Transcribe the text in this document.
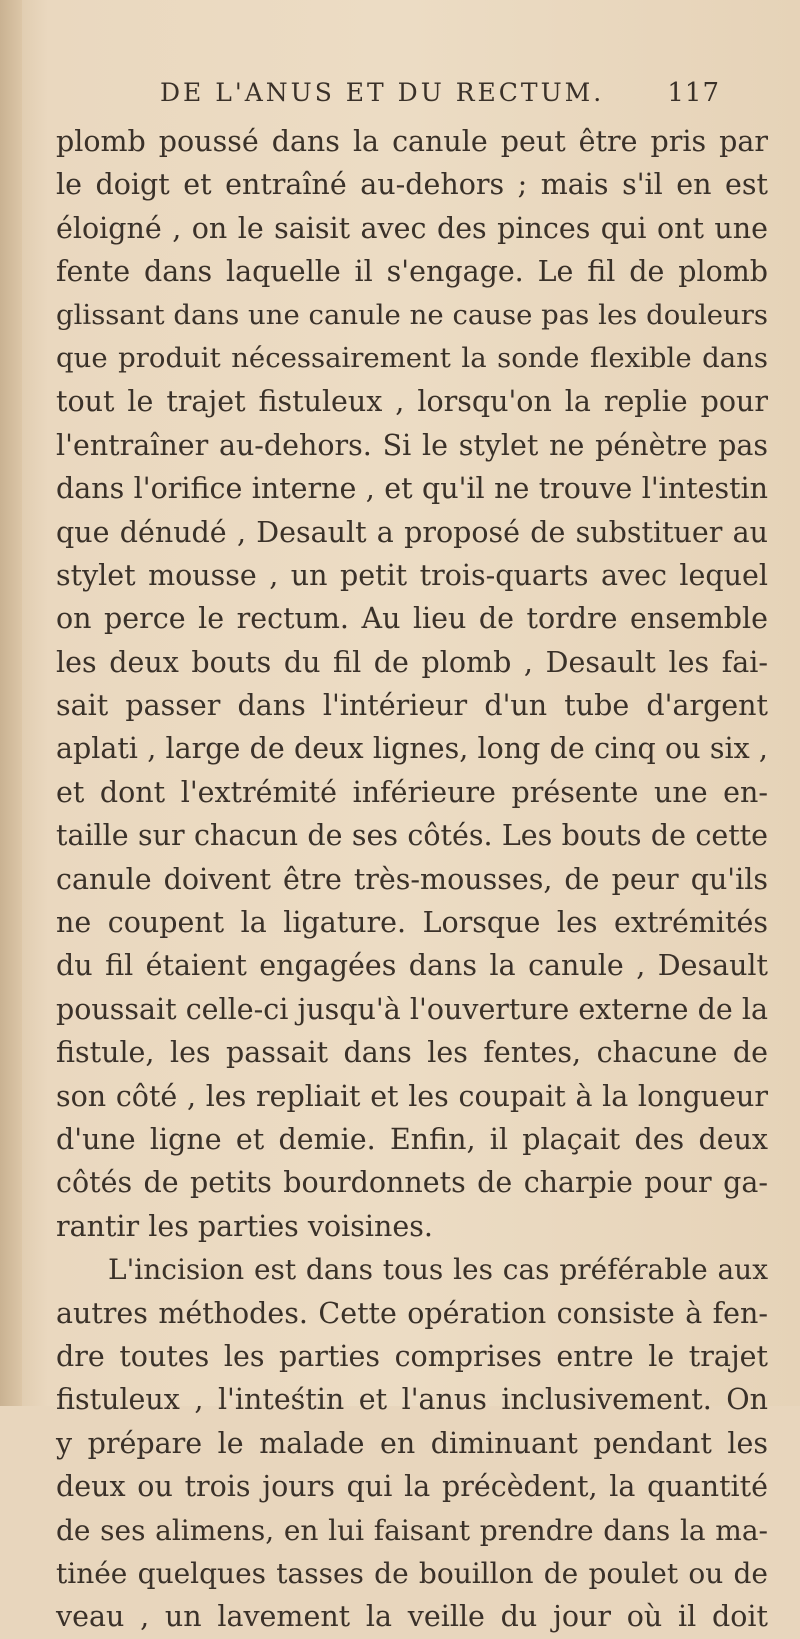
DE L'ANUS ET DU RECTUM. 117
plomb poussé dans la canule peut être pris par
le doigt et entraîné au-dehors ; mais s'il en est
éloigné , on le saisit avec des pinces qui ont une
fente dans laquelle il s'engage. Le fil de plomb
glissant dans une canule ne cause pas les douleurs
que produit nécessairement la sonde flexible dans
tout le trajet fistuleux , lorsqu'on la replie pour
l'entraîner au-dehors. Si le stylet ne pénètre pas
dans l'orifice interne , et qu'il ne trouve l'intestin
que dénudé , Desault a proposé de substituer au
stylet mousse , un petit trois-quarts avec lequel
on perce le rectum. Au lieu de tordre ensemble
les deux bouts du fil de plomb , Desault les fai-
sait passer dans l'intérieur d'un tube d'argent
aplati , large de deux lignes, long de cinq ou six ,
et dont l'extrémité inférieure présente une en-
taille sur chacun de ses côtés. Les bouts de cette
canule doivent être très-mousses, de peur qu'ils
ne coupent la ligature. Lorsque les extrémités
du fil étaient engagées dans la canule , Desault
poussait celle-ci jusqu'à l'ouverture externe de la
fistule, les passait dans les fentes, chacune de
son côté , les repliait et les coupait à la longueur
d'une ligne et demie. Enfin, il plaçait des deux
côtés de petits bourdonnets de charpie pour ga-
rantir les parties voisines.
L'incision est dans tous les cas préférable aux
autres méthodes. Cette opération consiste à fen-
dre toutes les parties comprises entre le trajet
fistuleux , l'inteśtin et l'anus inclusivement. On
y prépare le malade en diminuant pendant les
deux ou trois jours qui la précèdent, la quantité
de ses alimens, en lui faisant prendre dans la ma-
tinée quelques tasses de bouillon de poulet ou de
veau , un lavement la veille du jour où il doit
